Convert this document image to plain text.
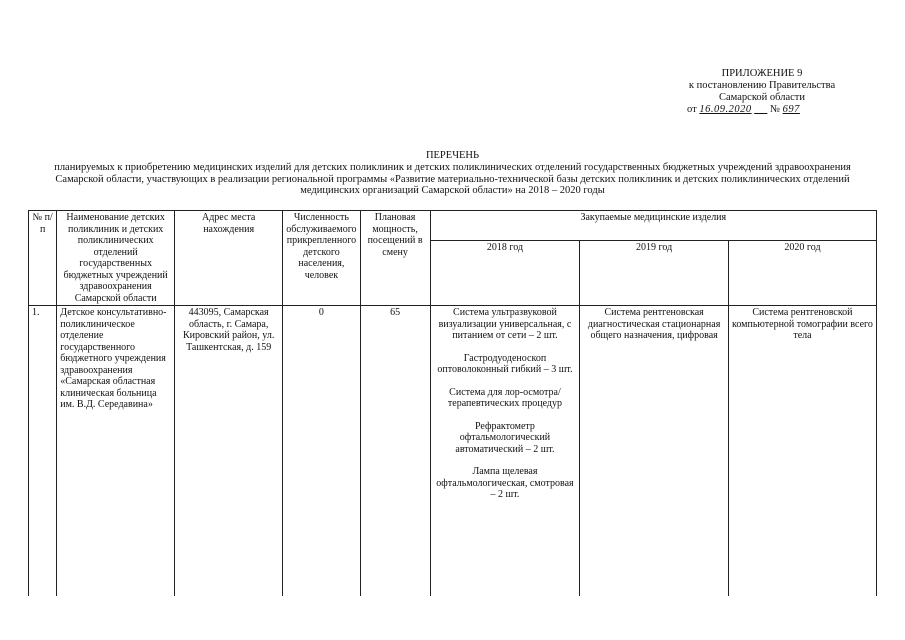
ПРИЛОЖЕНИЕ 9
к постановлению Правительства
Самарской области
от 16.09.2020 № 697
ПЕРЕЧЕНЬ
планируемых к приобретению медицинских изделий для детских поликлиник и детских поликлинических отделений государственных бюджетных учреждений здравоохранения Самарской области, участвующих в реализации региональной программы «Развитие материально-технической базы детских поликлиник и детских поликлинических отделений медицинских организаций Самарской области» на 2018 – 2020 годы
№ п/п	Наименование детских поликлиник и детских поликлинических отделений государственных бюджетных учреждений здравоохранения Самарской области	Адрес места нахождения	Численность обслуживаемого прикрепленного детского населения, человек	Плановая мощность, посещений в смену	Закупаемые медицинские изделия		
					2018 год	2019 год	2020 год
1.	Детское консультативно-поликлиническое отделение государственного бюджетного учреждения здравоохранения «Самарская областная клиническая больница им. В.Д. Середавина»	443095, Самарская область, г. Самара, Кировский район, ул. Ташкентская, д. 159	0	65	Система ультразвуковой визуализации универсальная, с питанием от сети – 2 шт.
Гастродуоденоскоп оптоволоконный гибкий – 3 шт.
Система для лор-осмотра/терапевтических процедур
Рефрактометр офтальмологический автоматический – 2 шт.
Лампа щелевая офтальмологическая, смотровая – 2 шт.	Система рентгеновская диагностическая стационарная общего назначения, цифровая	Система рентгеновской компьютерной томографии всего тела
